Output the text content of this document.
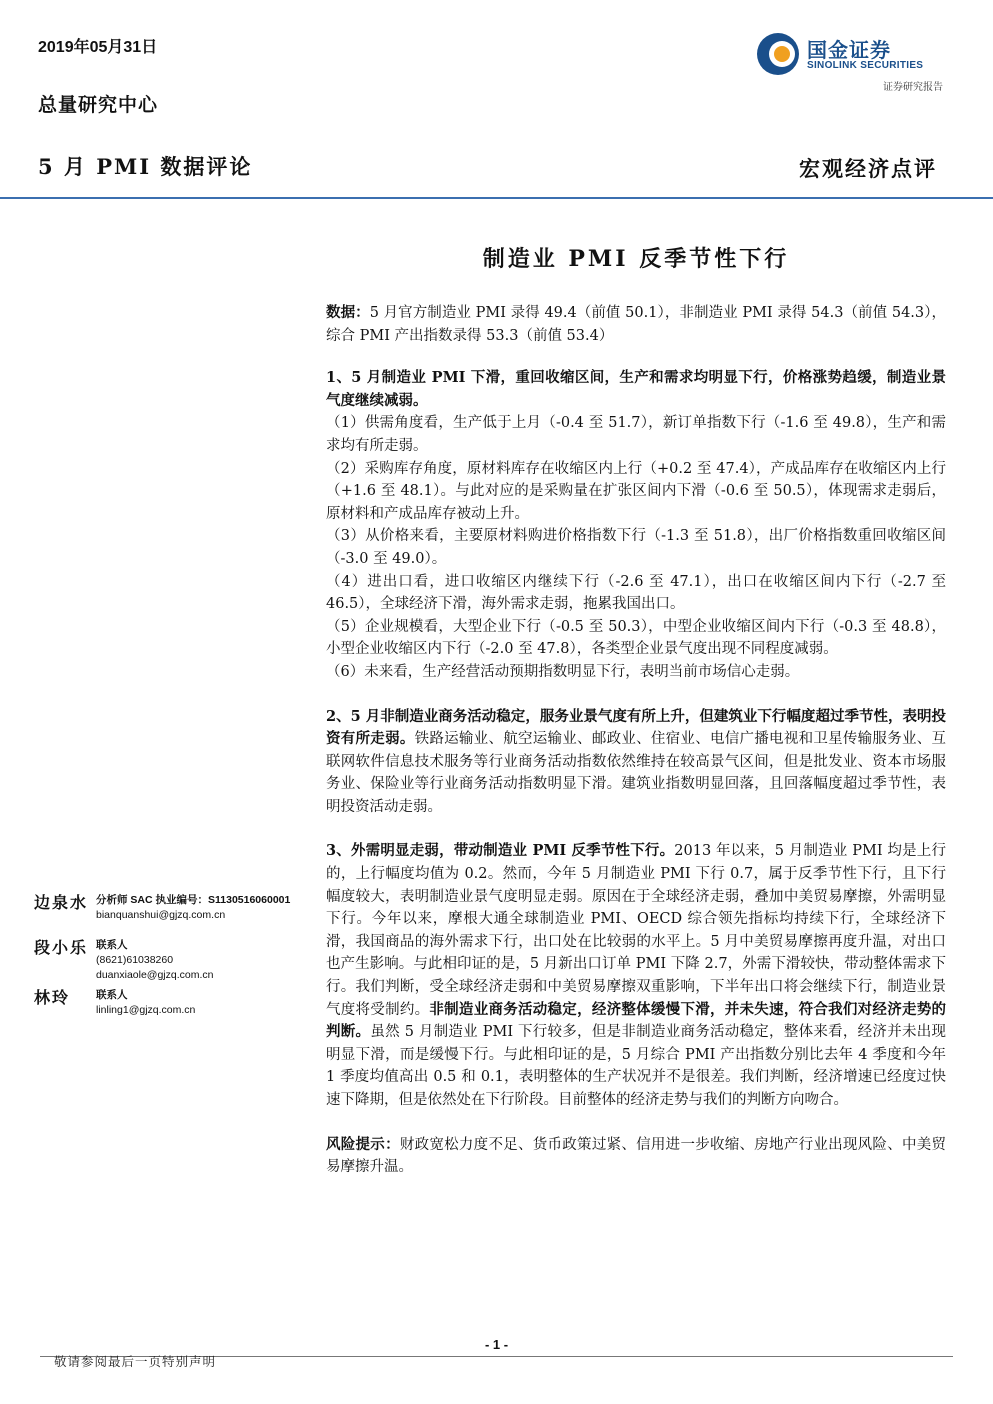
2019年05月31日
总量研究中心
5 月 PMI 数据评论	宏观经济点评
国金证券
SINOLINK SECURITIES
证券研究报告
制造业 PMI 反季节性下行

数据：5 月官方制造业 PMI 录得 49.4（前值 50.1），非制造业 PMI 录得 54.3（前值 54.3），综合 PMI 产出指数录得 53.3（前值 53.4）

1、5 月制造业 PMI 下滑，重回收缩区间，生产和需求均明显下行，价格涨势趋缓，制造业景气度继续减弱。

（1）供需角度看，生产低于上月（-0.4 至 51.7），新订单指数下行（-1.6 至 49.8），生产和需求均有所走弱。

（2）采购库存角度，原材料库存在收缩区内上行（+0.2 至 47.4），产成品库存在收缩区内上行（+1.6 至 48.1）。与此对应的是采购量在扩张区间内下滑（-0.6 至 50.5），体现需求走弱后，原材料和产成品库存被动上升。

（3）从价格来看，主要原材料购进价格指数下行（-1.3 至 51.8），出厂价格指数重回收缩区间（-3.0 至 49.0）。

（4）进出口看，进口收缩区内继续下行（-2.6 至 47.1），出口在收缩区间内下行（-2.7 至 46.5），全球经济下滑，海外需求走弱，拖累我国出口。

（5）企业规模看，大型企业下行（-0.5 至 50.3），中型企业收缩区间内下行（-0.3 至 48.8），小型企业收缩区内下行（-2.0 至 47.8），各类型企业景气度出现不同程度减弱。

（6）未来看，生产经营活动预期指数明显下行，表明当前市场信心走弱。

2、5 月非制造业商务活动稳定，服务业景气度有所上升，但建筑业下行幅度超过季节性，表明投资有所走弱。铁路运输业、航空运输业、邮政业、住宿业、电信广播电视和卫星传输服务业、互联网软件信息技术服务等行业商务活动指数依然维持在较高景气区间，但是批发业、资本市场服务业、保险业等行业商务活动指数明显下滑。建筑业指数明显回落，且回落幅度超过季节性，表明投资活动走弱。

3、外需明显走弱，带动制造业 PMI 反季节性下行。2013 年以来，5 月制造业 PMI 均是上行的，上行幅度均值为 0.2。然而，今年 5 月制造业 PMI 下行 0.7，属于反季节性下行，且下行幅度较大，表明制造业景气度明显走弱。原因在于全球经济走弱，叠加中美贸易摩擦，外需明显下行。今年以来，摩根大通全球制造业 PMI、OECD 综合领先指标均持续下行，全球经济下滑，我国商品的海外需求下行，出口处在比较弱的水平上。5 月中美贸易摩擦再度升温，对出口也产生影响。与此相印证的是，5 月新出口订单 PMI 下降 2.7，外需下滑较快，带动整体需求下行。我们判断，受全球经济走弱和中美贸易摩擦双重影响，下半年出口将会继续下行，制造业景气度将受制约。非制造业商务活动稳定，经济整体缓慢下滑，并未失速，符合我们对经济走势的判断。虽然 5 月制造业 PMI 下行较多，但是非制造业商务活动稳定，整体来看，经济并未出现明显下滑，而是缓慢下行。与此相印证的是，5 月综合 PMI 产出指数分别比去年 4 季度和今年 1 季度均值高出 0.5 和 0.1，表明整体的生产状况并不是很差。我们判断，经济增速已经度过快速下降期，但是依然处在下行阶段。目前整体的经济走势与我们的判断方向吻合。

风险提示：财政宽松力度不足、货币政策过紧、信用进一步收缩、房地产行业出现风险、中美贸易摩擦升温。

边泉水 分析师 SAC 执业编号：S1130516060001
bianquanshui@gjzq.com.cn
段小乐 联系人
(8621)61038260
duanxiaole@gjzq.com.cn
林玲 联系人
linling1@gjzq.com.cn
- 1 -
敬请参阅最后一页特别声明
